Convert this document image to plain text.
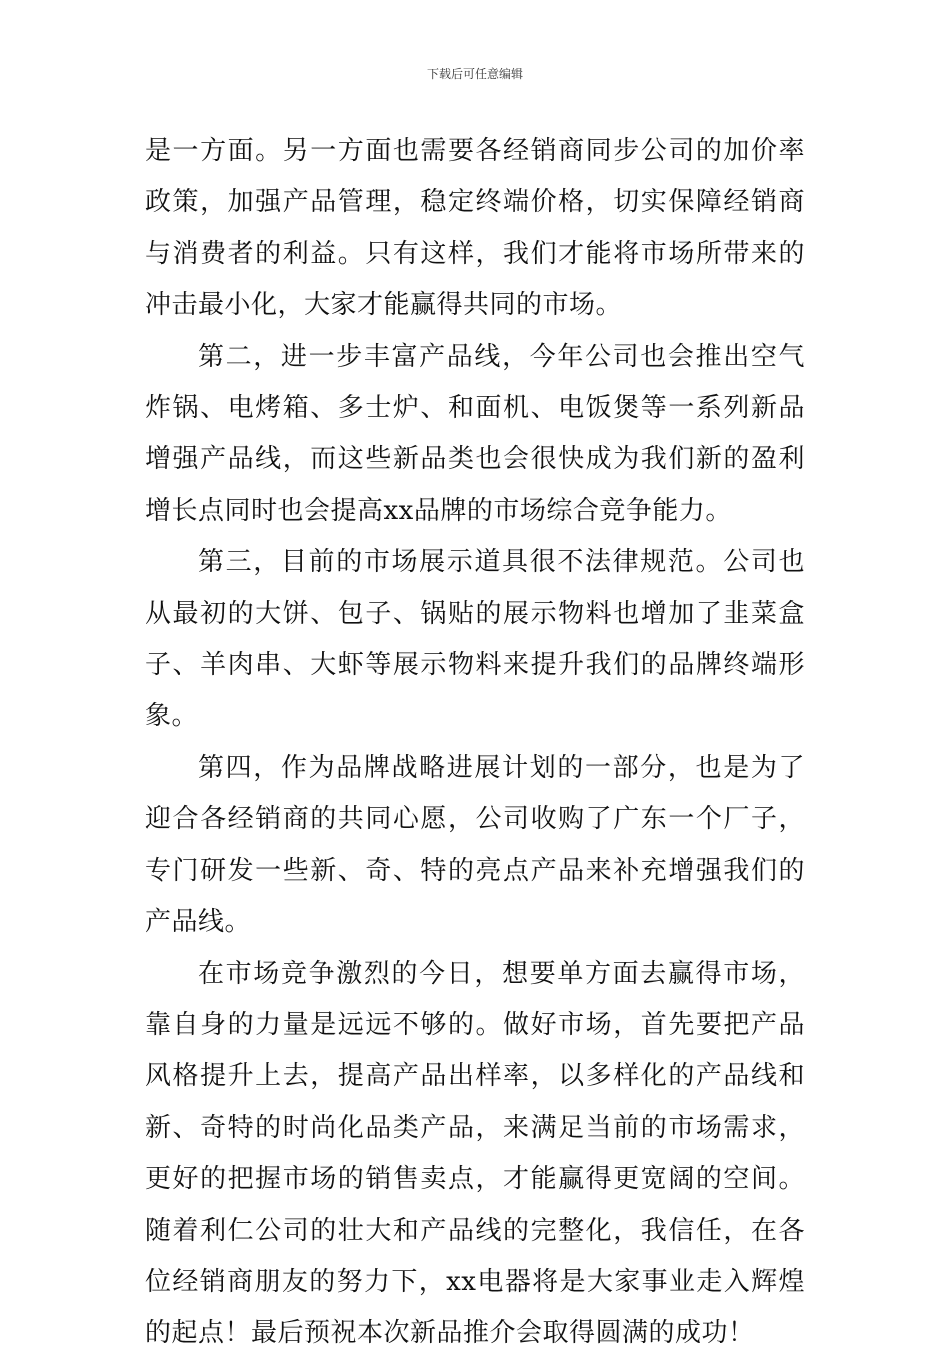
下载后可任意编辑

是一方面。另一方面也需要各经销商同步公司的加价率政策，加强产品管理，稳定终端价格，切实保障经销商与消费者的利益。只有这样，我们才能将市场所带来的冲击最小化，大家才能赢得共同的市场。

第二，进一步丰富产品线，今年公司也会推出空气炸锅、电烤箱、多士炉、和面机、电饭煲等一系列新品增强产品线，而这些新品类也会很快成为我们新的盈利增长点同时也会提高xx品牌的市场综合竞争能力。

第三，目前的市场展示道具很不法律规范。公司也从最初的大饼、包子、锅贴的展示物料也增加了韭菜盒子、羊肉串、大虾等展示物料来提升我们的品牌终端形象。

第四，作为品牌战略进展计划的一部分，也是为了迎合各经销商的共同心愿，公司收购了广东一个厂子，专门研发一些新、奇、特的亮点产品来补充增强我们的产品线。

在市场竞争激烈的今日，想要单方面去赢得市场，靠自身的力量是远远不够的。做好市场，首先要把产品风格提升上去，提高产品出样率，以多样化的产品线和新、奇特的时尚化品类产品，来满足当前的市场需求，更好的把握市场的销售卖点，才能赢得更宽阔的空间。随着利仁公司的壮大和产品线的完整化，我信任，在各位经销商朋友的努力下，xx电器将是大家事业走入辉煌的起点！最后预祝本次新品推介会取得圆满的成功！
